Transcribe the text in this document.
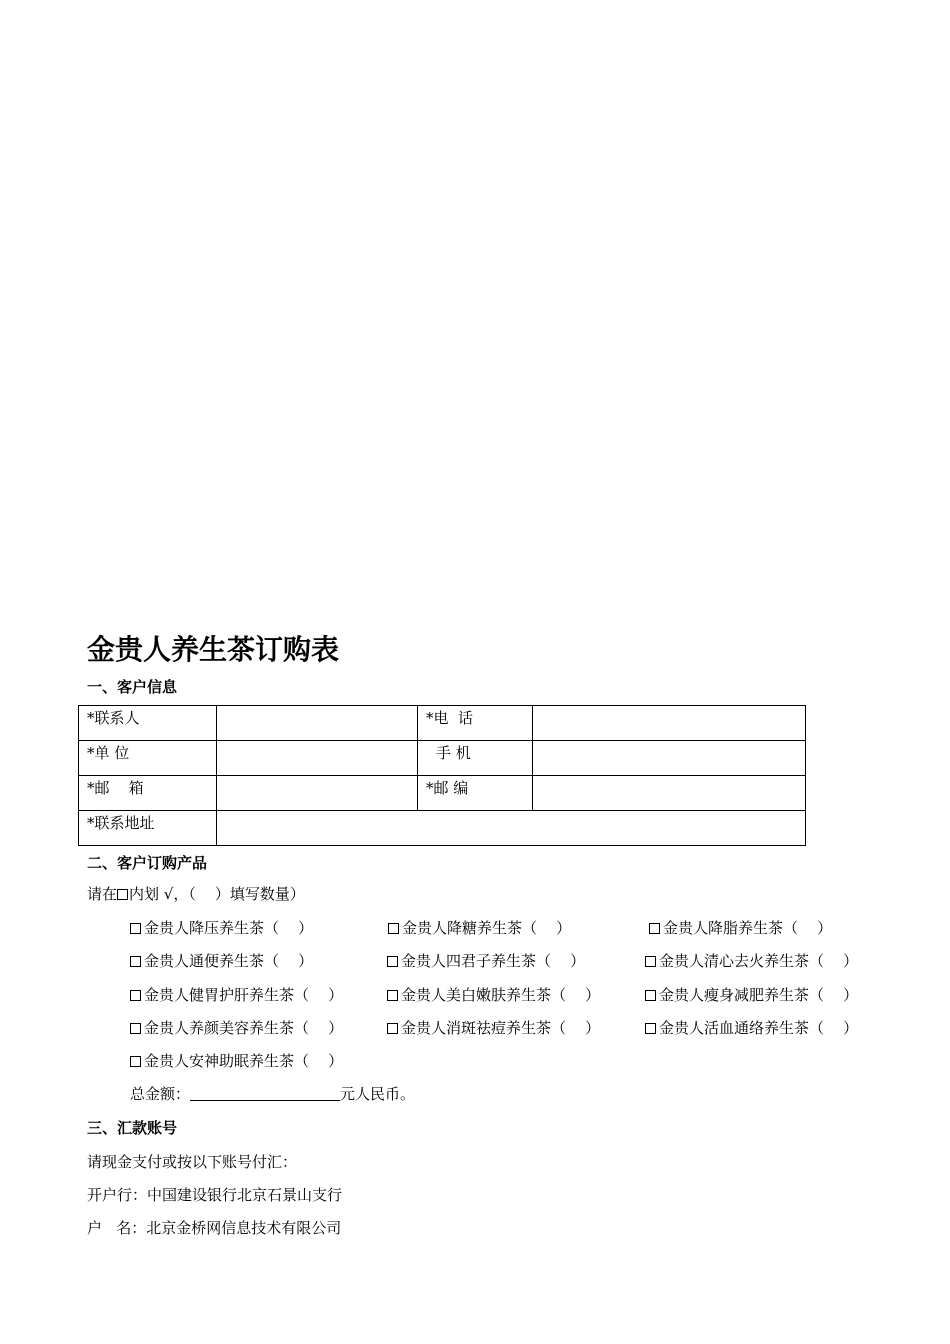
金贵人养生茶订购表
一、客户信息
*联系人		*电  话	
*单 位		手 机	
*邮    箱		*邮 编	
*联系地址			
二、客户订购产品
请在 内划 √，（    ）填写数量）
金贵人降压养生茶（    ）	金贵人降糖养生茶（    ）	金贵人降脂养生茶（    ）
金贵人通便养生茶（    ）	金贵人四君子养生茶（    ）	金贵人清心去火养生茶（    ）
金贵人健胃护肝养生茶（    ）	金贵人美白嫩肤养生茶（    ）	金贵人瘦身减肥养生茶（    ）
金贵人养颜美容养生茶（    ）	金贵人消斑祛痘养生茶（    ）	金贵人活血通络养生茶（    ）
金贵人安神助眠养生茶（    ）
总金额：	元人民币。
三、汇款账号
请现金支付或按以下账号付汇：
开户行：中国建设银行北京石景山支行
户   名：北京金桥网信息技术有限公司
